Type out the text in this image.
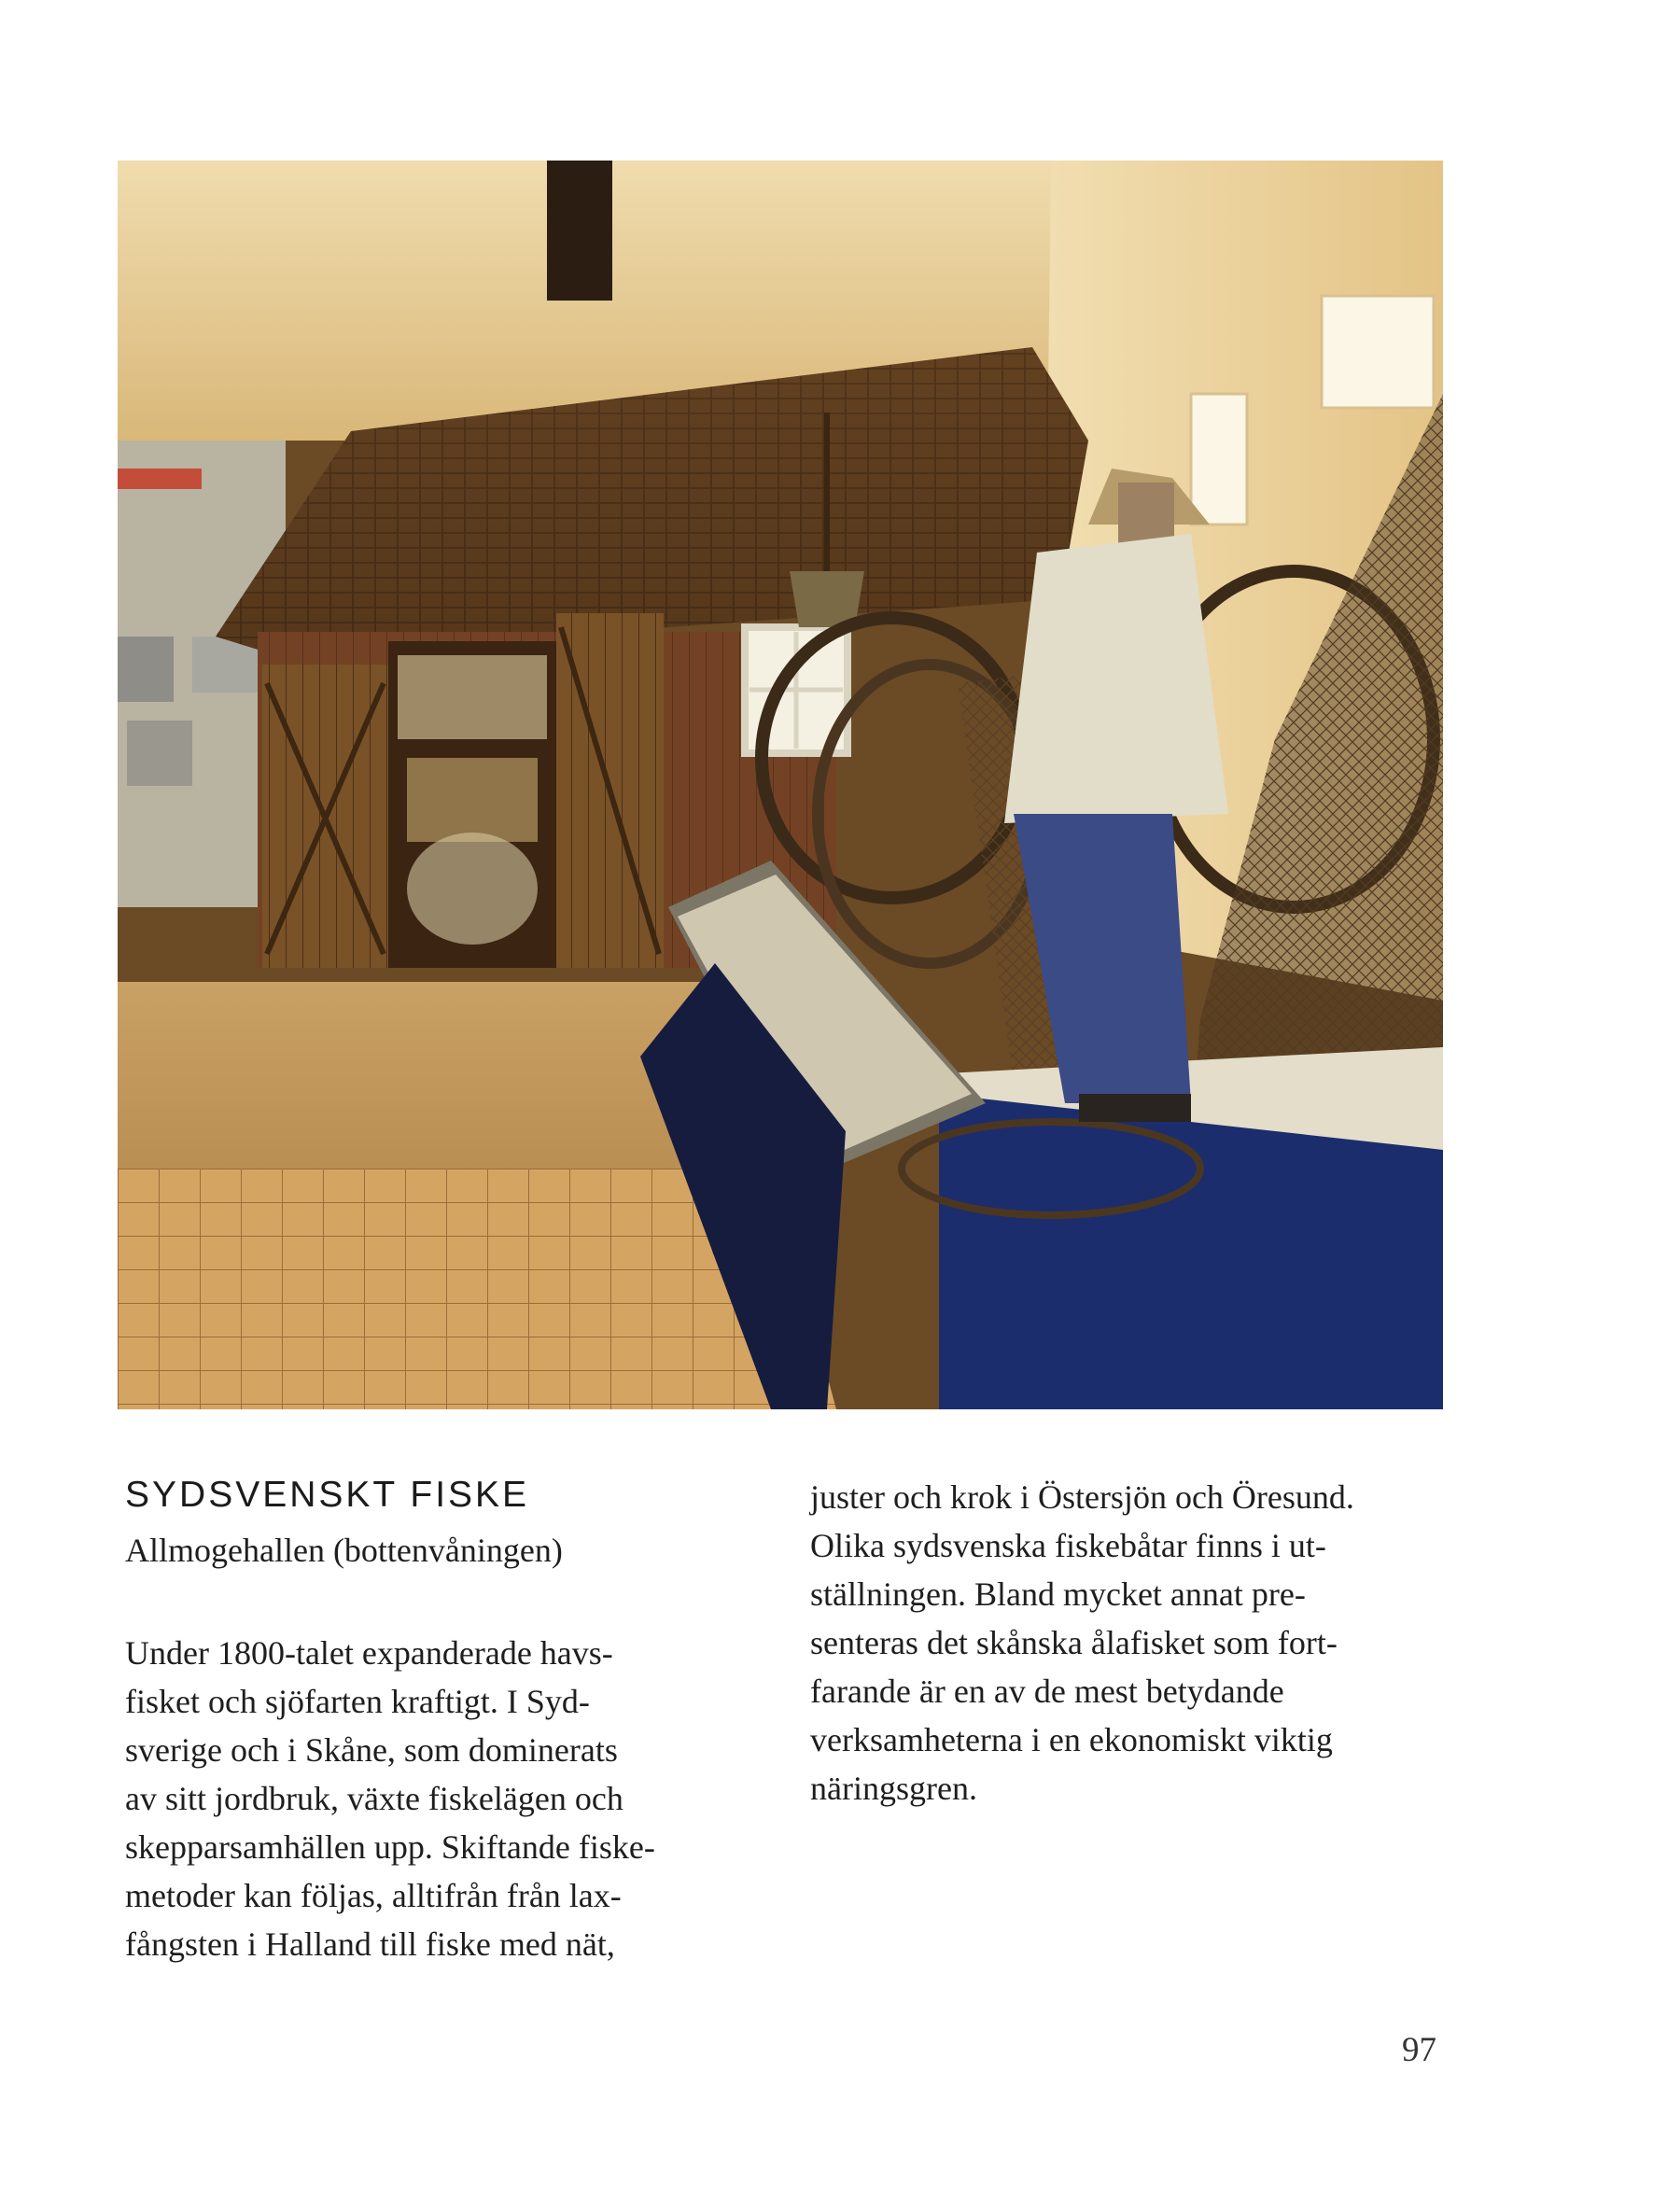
SYDSVENSKT FISKE

Allmogehallen (bottenvåningen)

Under 1800-talet expanderade havs-
fisket och sjöfarten kraftigt. I Syd-
sverige och i Skåne, som dominerats
av sitt jordbruk, växte fiskelägen och
skepparsamhällen upp. Skiftande fiske-
metoder kan följas, alltifrån från lax-
fångsten i Halland till fiske med nät,
juster och krok i Östersjön och Öresund.
Olika sydsvenska fiskebåtar finns i ut-
ställningen. Bland mycket annat pre-
senteras det skånska ålafisket som fort-
farande är en av de mest betydande
verksamheterna i en ekonomiskt viktig
näringsgren.
97
